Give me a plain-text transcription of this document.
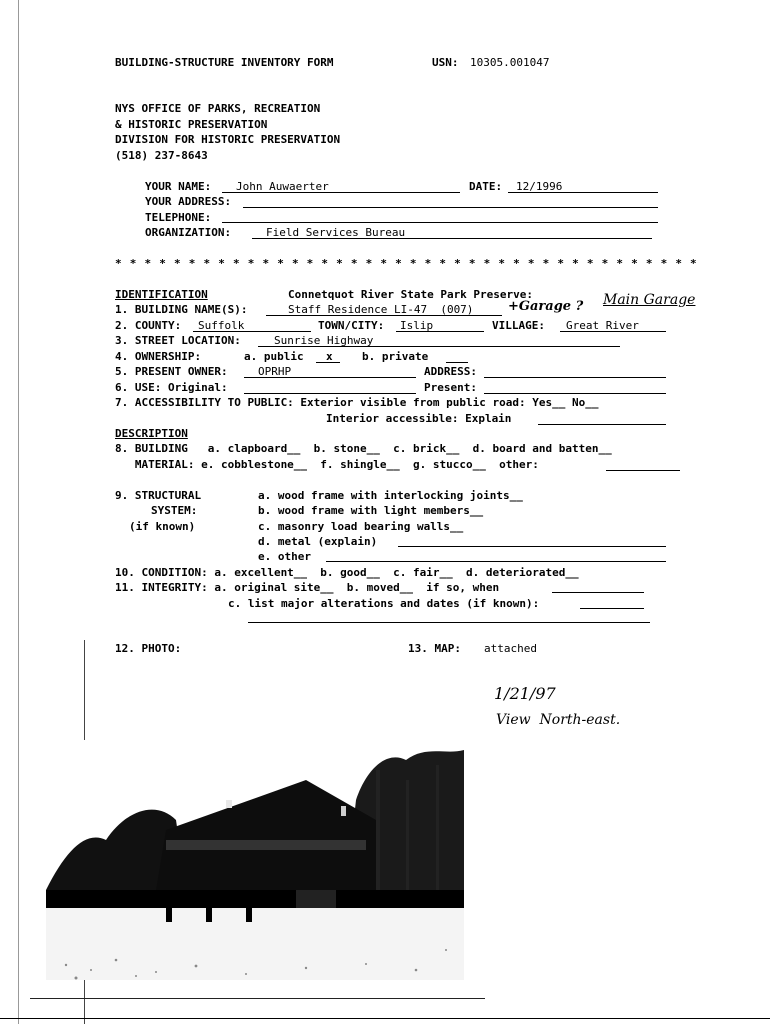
BUILDING-STRUCTURE INVENTORY FORM	USN: 10305.001047
NYS OFFICE OF PARKS, RECREATION
& HISTORIC PRESERVATION
DIVISION FOR HISTORIC PRESERVATION
(518) 237-8643
YOUR NAME: John Auwaerter	DATE: 12/1996
YOUR ADDRESS:
TELEPHONE:
ORGANIZATION:	Field Services Bureau
* * * * * * * * * * * * * * * * * * * * * * * * * * * * * * * * * * * * * * * *
IDENTIFICATION	Connetquot River State Park Preserve:
1. BUILDING NAME(S):	Staff Residence LI-47  (007)	+Garage ? Main Garage
2. COUNTY: Suffolk	TOWN/CITY: Islip	VILLAGE: Great River
3. STREET LOCATION:	Sunrise Highway
4. OWNERSHIP:	a. public x	b. private
5. PRESENT OWNER:	OPRHP	ADDRESS:
6. USE: Original:	Present:
7. ACCESSIBILITY TO PUBLIC: Exterior visible from public road: Yes__ No__
Interior accessible: Explain
DESCRIPTION
8. BUILDING   a. clapboard__  b. stone__  c. brick__  d. board and batten__
MATERIAL: e. cobblestone__  f. shingle__  g. stucco__  other:
9. STRUCTURAL
SYSTEM:
(if known)
a. wood frame with interlocking joints__
b. wood frame with light members__
c. masonry load bearing walls__
d. metal (explain)
e. other
10. CONDITION: a. excellent__  b. good__  c. fair__  d. deteriorated__
11. INTEGRITY: a. original site__  b. moved__  if so, when
c. list major alterations and dates (if known):
12. PHOTO:	13. MAP: attached
1/21/97
View  North-east.
